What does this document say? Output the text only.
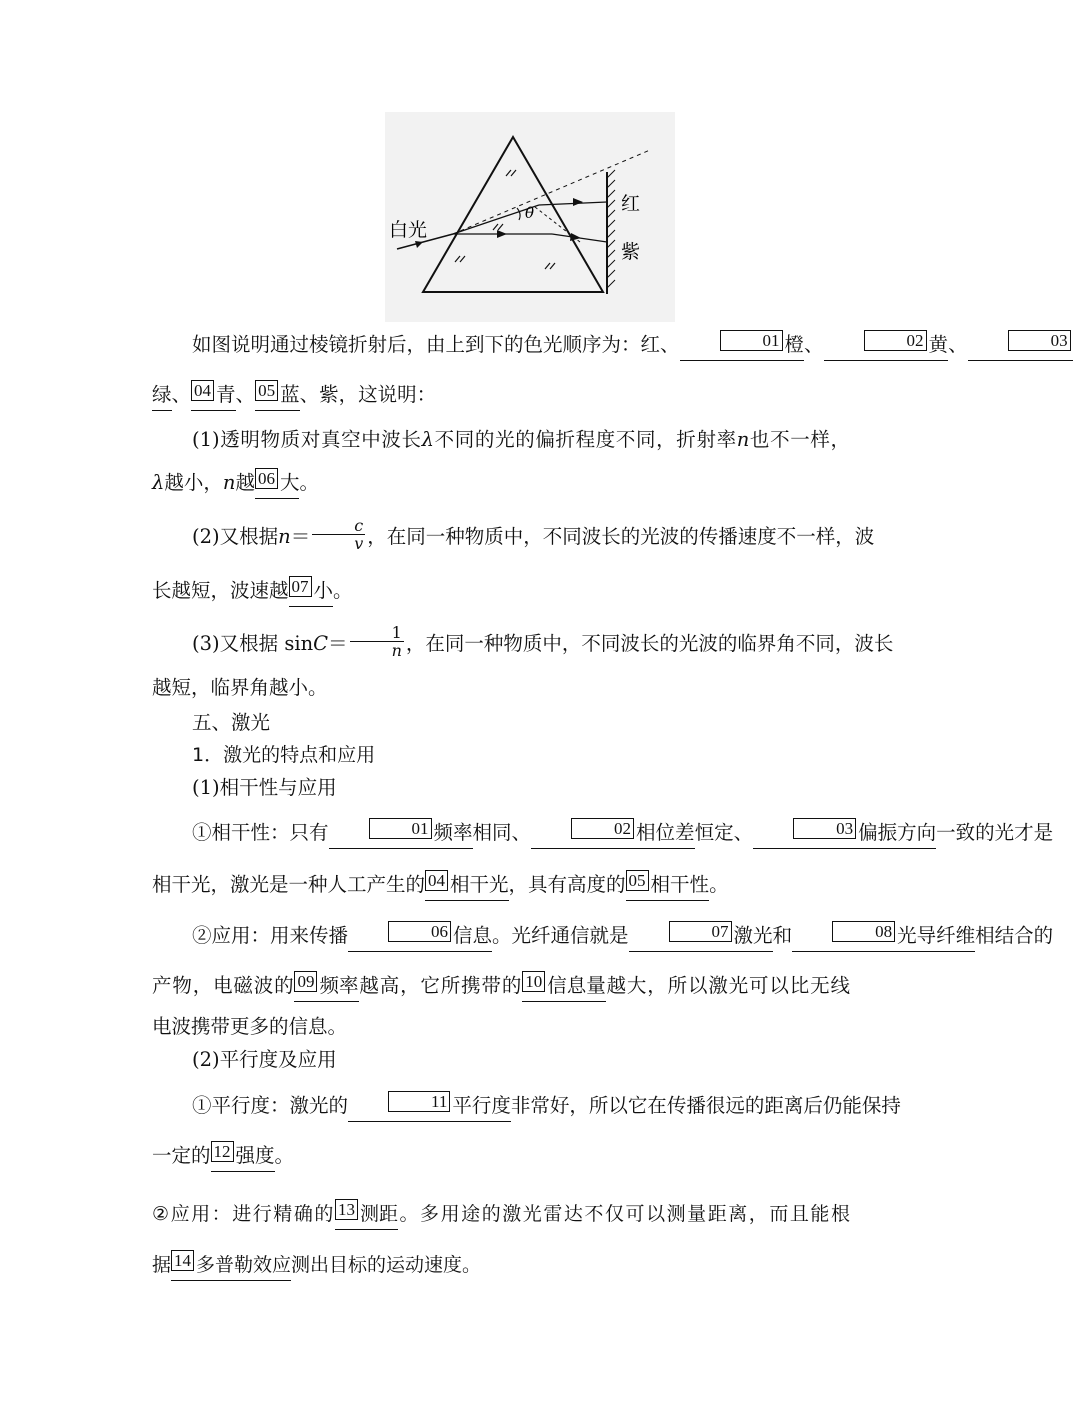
白光
红
紫
θ
如图说明通过棱镜折射后，由上到下的色光顺序为：红、	01 橙、	02 黄、	03
绿、 04 青、 05 蓝、紫，这说明：
(1)透明物质对真空中波长λ不同的光的偏折程度不同，折射率n也不一样，
λ越小，n越 06 大。
(2)又根据$n= \frac{c}{v}$ ，在同一种物质中，不同波长的光波的传播速度不一样，波
长越短，波速越 07 小。
(3)又根据 $\sin C= \frac{1}{n}$ ，在同一种物质中，不同波长的光波的临界角不同，波长
越短，临界角越小。
五、激光
1．激光的特点和应用
(1)相干性与应用
①相干性：只有	01 频率相同、	02 相位差恒定、	03 偏振方向一致的光才是
相干光，激光是一种人工产生的 04 相干光，具有高度的 05 相干性。
②应用：用来传播	06 信息。光纤通信就是	07 激光和	08 光导纤维相结合的
产物，电磁波的 09 频率越高，它所携带的 10 信息量越大，所以激光可以比无线
电波携带更多的信息。
(2)平行度及应用
①平行度：激光的	11 平行度非常好，所以它在传播很远的距离后仍能保持
一定的 12 强度。
②应用：进行精确的 13 测距。多用途的激光雷达不仅可以测量距离，而且能根
据 14 多普勒效应测出目标的运动速度。
